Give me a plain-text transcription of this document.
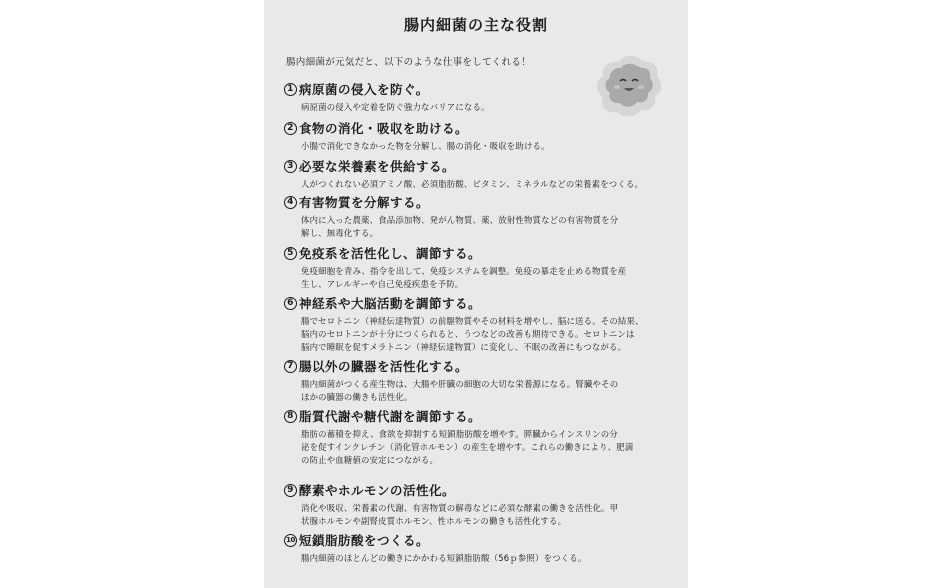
腸内細菌の主な役割
腸内細菌が元気だと、以下のような仕事をしてくれる！
1 病原菌の侵入を防ぐ。
病原菌の侵入や定着を防ぐ強力なバリアになる。
2 食物の消化・吸収を助ける。
小腸で消化できなかった物を分解し、腸の消化・吸収を助ける。
3 必要な栄養素を供給する。
人がつくれない必須アミノ酸、必須脂肪酸、ビタミン、ミネラルなどの栄養素をつくる。
4 有害物質を分解する。
体内に入った農薬、食品添加物、発がん物質、薬、放射性物質などの有害物質を分
解し、無毒化する。
5 免疫系を活性化し、調節する。
免疫細胞を青み、指令を出して、免疫システムを調整。免疫の暴走を止める物質を産
生し、アレルギーや自己免疫疾患を予防。
6 神経系や大脳活動を調節する。
腸でセロトニン（神経伝達物質）の前駆物質やその材料を増やし、脳に送る。その結果、
脳内のセロトニンが十分につくられると、うつなどの改善も期待できる。セロトニンは
脳内で睡眠を促すメラトニン（神経伝達物質）に変化し、不眠の改善にもつながる。
7 腸以外の臓器を活性化する。
腸内細菌がつくる産生物は、大腸や肝臓の細胞の大切な栄養源になる。腎臓やその
ほかの臓器の働きも活性化。
8 脂質代謝や糖代謝を調節する。
脂肪の蓄積を抑え、食欲を抑制する短鎖脂肪酸を増やす。膵臓からインスリンの分
泌を促すインクレチン（消化管ホルモン）の産生を増やす。これらの働きにより、肥満
の防止や血糖値の安定につながる。
9 酵素やホルモンの活性化。
消化や吸収、栄養素の代謝、有害物質の解毒などに必須な酵素の働きを活性化。甲
状腺ホルモンや副腎皮質ホルモン、性ホルモンの働きも活性化する。
10 短鎖脂肪酸をつくる。
腸内細菌のほとんどの働きにかかわる短鎖脂肪酸（56ｐ参照）をつくる。
